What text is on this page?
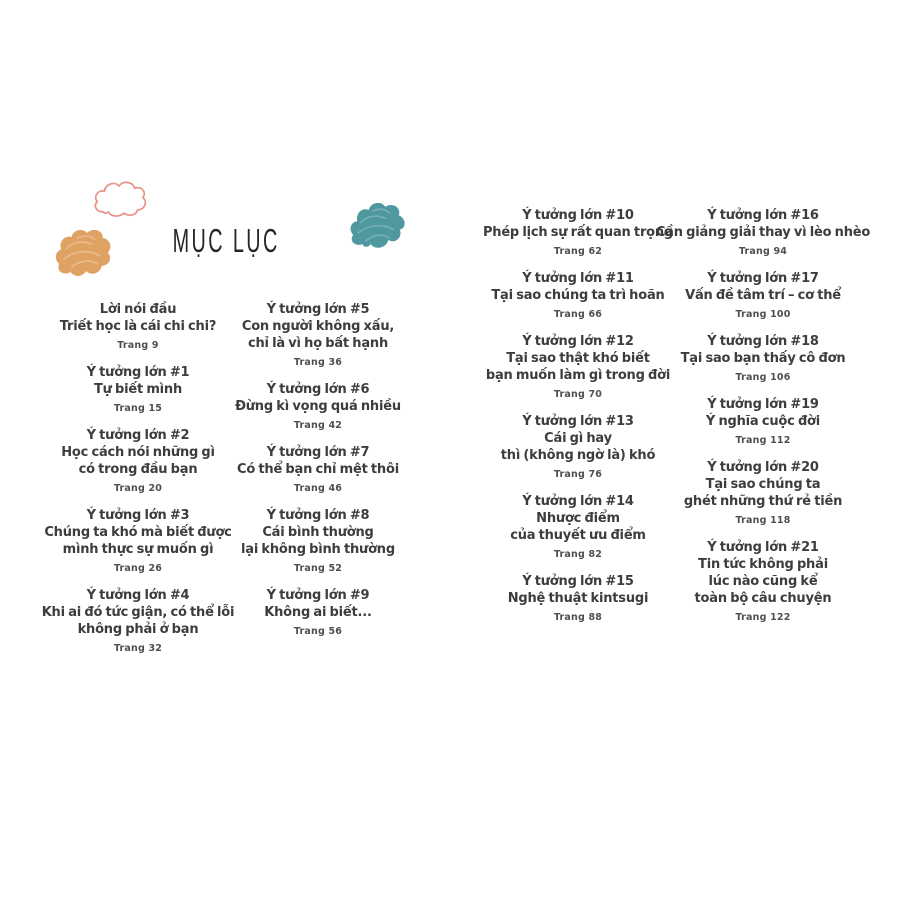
MỤC LỤC
Lời nói đầu
Triết học là cái chi chi?
Trang 9
Ý tưởng lớn #1
Tự biết mình
Trang 15
Ý tưởng lớn #2
Học cách nói những gì
có trong đầu bạn
Trang 20
Ý tưởng lớn #3
Chúng ta khó mà biết được
mình thực sự muốn gì
Trang 26
Ý tưởng lớn #4
Khi ai đó tức giận, có thể lỗi
không phải ở bạn
Trang 32
Ý tưởng lớn #5
Con người không xấu,
chỉ là vì họ bất hạnh
Trang 36
Ý tưởng lớn #6
Đừng kì vọng quá nhiều
Trang 42
Ý tưởng lớn #7
Có thể bạn chỉ mệt thôi
Trang 46
Ý tưởng lớn #8
Cái bình thường
lại không bình thường
Trang 52
Ý tưởng lớn #9
Không ai biết...
Trang 56
Ý tưởng lớn #10
Phép lịch sự rất quan trọng
Trang 62
Ý tưởng lớn #11
Tại sao chúng ta trì hoãn
Trang 66
Ý tưởng lớn #12
Tại sao thật khó biết
bạn muốn làm gì trong đời
Trang 70
Ý tưởng lớn #13
Cái gì hay
thì (không ngờ là) khó
Trang 76
Ý tưởng lớn #14
Nhược điểm
của thuyết ưu điểm
Trang 82
Ý tưởng lớn #15
Nghệ thuật kintsugi
Trang 88
Ý tưởng lớn #16
Cần giảng giải thay vì lèo nhèo
Trang 94
Ý tưởng lớn #17
Vấn đề tâm trí – cơ thể
Trang 100
Ý tưởng lớn #18
Tại sao bạn thấy cô đơn
Trang 106
Ý tưởng lớn #19
Ý nghĩa cuộc đời
Trang 112
Ý tưởng lớn #20
Tại sao chúng ta
ghét những thứ rẻ tiền
Trang 118
Ý tưởng lớn #21
Tin tức không phải
lúc nào cũng kể
toàn bộ câu chuyện
Trang 122
